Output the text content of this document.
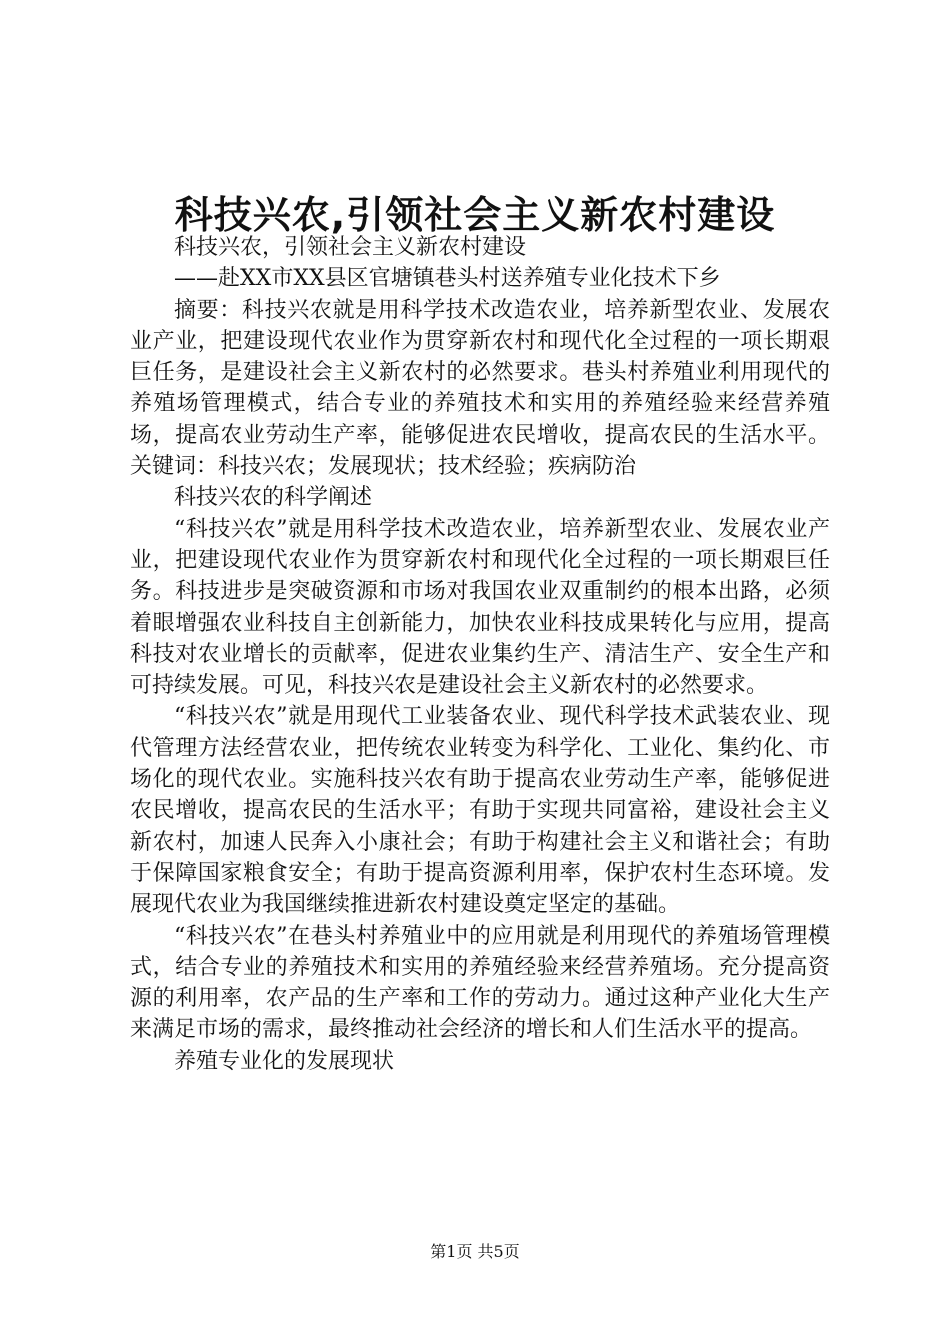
科技兴农,引领社会主义新农村建设

科技兴农，引领社会主义新农村建设

——赴XX市XX县区官塘镇巷头村送养殖专业化技术下乡

摘要：科技兴农就是用科学技术改造农业，培养新型农业、发展农业产业，把建设现代农业作为贯穿新农村和现代化全过程的一项长期艰巨任务，是建设社会主义新农村的必然要求。巷头村养殖业利用现代的养殖场管理模式，结合专业的养殖技术和实用的养殖经验来经营养殖场，提高农业劳动生产率，能够促进农民增收，提高农民的生活水平。关键词：科技兴农；发展现状；技术经验；疾病防治

科技兴农的科学阐述

“科技兴农”就是用科学技术改造农业，培养新型农业、发展农业产业，把建设现代农业作为贯穿新农村和现代化全过程的一项长期艰巨任务。科技进步是突破资源和市场对我国农业双重制约的根本出路，必须着眼增强农业科技自主创新能力，加快农业科技成果转化与应用，提高科技对农业增长的贡献率，促进农业集约生产、清洁生产、安全生产和可持续发展。可见，科技兴农是建设社会主义新农村的必然要求。

“科技兴农”就是用现代工业装备农业、现代科学技术武装农业、现代管理方法经营农业，把传统农业转变为科学化、工业化、集约化、市场化的现代农业。实施科技兴农有助于提高农业劳动生产率，能够促进农民增收，提高农民的生活水平；有助于实现共同富裕，建设社会主义新农村，加速人民奔入小康社会；有助于构建社会主义和谐社会；有助于保障国家粮食安全；有助于提高资源利用率，保护农村生态环境。发展现代农业为我国继续推进新农村建设奠定坚定的基础。

“科技兴农”在巷头村养殖业中的应用就是利用现代的养殖场管理模式，结合专业的养殖技术和实用的养殖经验来经营养殖场。充分提高资源的利用率，农产品的生产率和工作的劳动力。通过这种产业化大生产来满足市场的需求，最终推动社会经济的增长和人们生活水平的提高。

养殖专业化的发展现状

第1页 共5页
